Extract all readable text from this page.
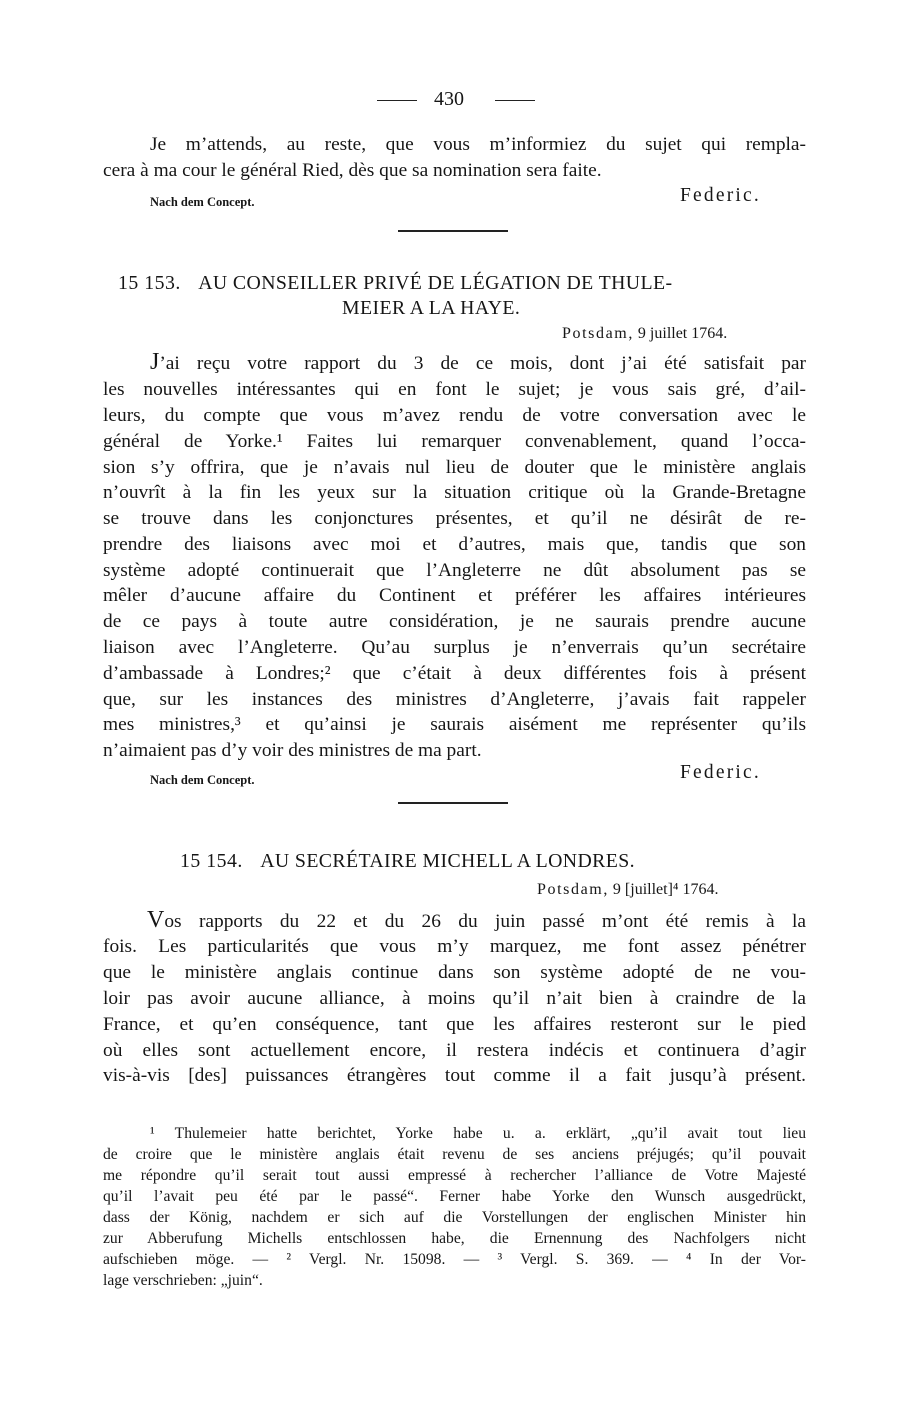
430
Je m’attends, au reste, que vous m’informiez du sujet qui rempla-
cera à ma cour le général Ried, dès que sa nomination sera faite.
Nach dem Concept.	Federic.
15 153. AU CONSEILLER PRIVÉ DE LÉGATION DE THULE-
MEIER A LA HAYE.
Potsdam, 9 juillet 1764.
J’ai reçu votre rapport du 3 de ce mois, dont j’ai été satisfait par
les nouvelles intéressantes qui en font le sujet; je vous sais gré, d’ail-
leurs, du compte que vous m’avez rendu de votre conversation avec le
général de Yorke.¹ Faites lui remarquer convenablement, quand l’occa-
sion s’y offrira, que je n’avais nul lieu de douter que le ministère anglais
n’ouvrît à la fin les yeux sur la situation critique où la Grande-Bretagne
se trouve dans les conjonctures présentes, et qu’il ne désirât de re-
prendre des liaisons avec moi et d’autres, mais que, tandis que son
système adopté continuerait que l’Angleterre ne dût absolument pas se
mêler d’aucune affaire du Continent et préférer les affaires intérieures
de ce pays à toute autre considération, je ne saurais prendre aucune
liaison avec l’Angleterre. Qu’au surplus je n’enverrais qu’un secrétaire
d’ambassade à Londres;² que c’était à deux différentes fois à présent
que, sur les instances des ministres d’Angleterre, j’avais fait rappeler
mes ministres,³ et qu’ainsi je saurais aisément me représenter qu’ils
n’aimaient pas d’y voir des ministres de ma part.
Nach dem Concept.	Federic.
15 154. AU SECRÉTAIRE MICHELL A LONDRES.
Potsdam, 9 [juillet]⁴ 1764.
Vos rapports du 22 et du 26 du juin passé m’ont été remis à la
fois. Les particularités que vous m’y marquez, me font assez pénétrer
que le ministère anglais continue dans son système adopté de ne vou-
loir pas avoir aucune alliance, à moins qu’il n’ait bien à craindre de la
France, et qu’en conséquence, tant que les affaires resteront sur le pied
où elles sont actuellement encore, il restera indécis et continuera d’agir
vis-à-vis [des] puissances étrangères tout comme il a fait jusqu’à présent.
¹ Thulemeier hatte berichtet, Yorke habe u. a. erklärt, „qu’il avait tout lieu
de croire que le ministère anglais était revenu de ses anciens préjugés; qu’il pouvait
me répondre qu’il serait tout aussi empressé à rechercher l’alliance de Votre Majesté
qu’il l’avait peu été par le passé“. Ferner habe Yorke den Wunsch ausgedrückt,
dass der König, nachdem er sich auf die Vorstellungen der englischen Minister hin
zur Abberufung Michells entschlossen habe, die Ernennung des Nachfolgers nicht
aufschieben möge. — ² Vergl. Nr. 15098. — ³ Vergl. S. 369. — ⁴ In der Vor-
lage verschrieben: „juin“.
